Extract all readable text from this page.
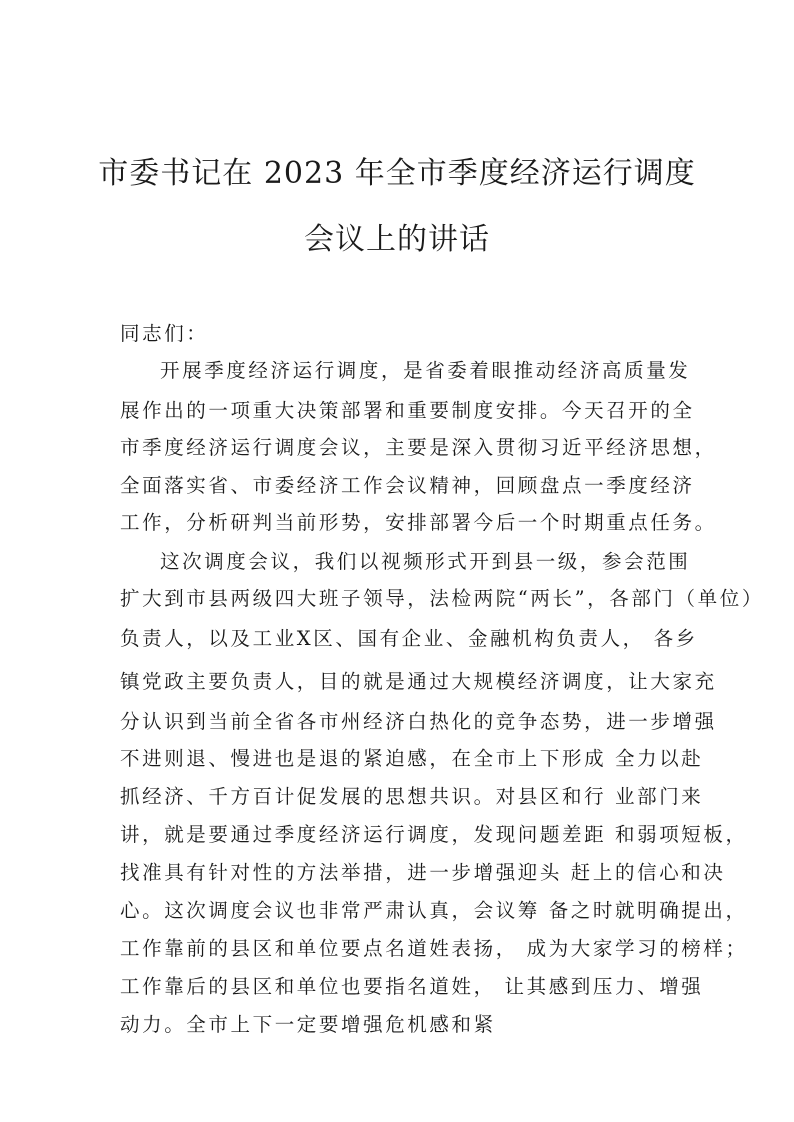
市委书记在 2023 年全市季度经济运行调度
会议上的讲话

同志们：

开展季度经济运行调度，是省委着眼推动经济高质量发

展作出的一项重大决策部署和重要制度安排。今天召开的全

市季度经济运行调度会议，主要是深入贯彻习近平经济思想，

全面落实省、市委经济工作会议精神，回顾盘点一季度经济

工作，分析研判当前形势，安排部署今后一个时期重点任务。

这次调度会议，我们以视频形式开到县一级，参会范围

扩大到市县两级四大班子领导，法检两院“两长”，各部门（单位）

负责人，以及工业X区、国有企业、金融机构负责人， 各乡

镇党政主要负责人，目的就是通过大规模经济调度，让大家充

分认识到当前全省各市州经济白热化的竞争态势，进一步增强

不进则退、慢进也是退的紧迫感，在全市上下形成 全力以赴

抓经济、千方百计促发展的思想共识。对县区和行 业部门来

讲，就是要通过季度经济运行调度，发现问题差距 和弱项短板，

找准具有针对性的方法举措，进一步增强迎头 赶上的信心和决

心。这次调度会议也非常严肃认真，会议筹 备之时就明确提出，

工作靠前的县区和单位要点名道姓表扬， 成为大家学习的榜样；

工作靠后的县区和单位也要指名道姓， 让其感到压力、增强

动力。全市上下一定要增强危机感和紧
